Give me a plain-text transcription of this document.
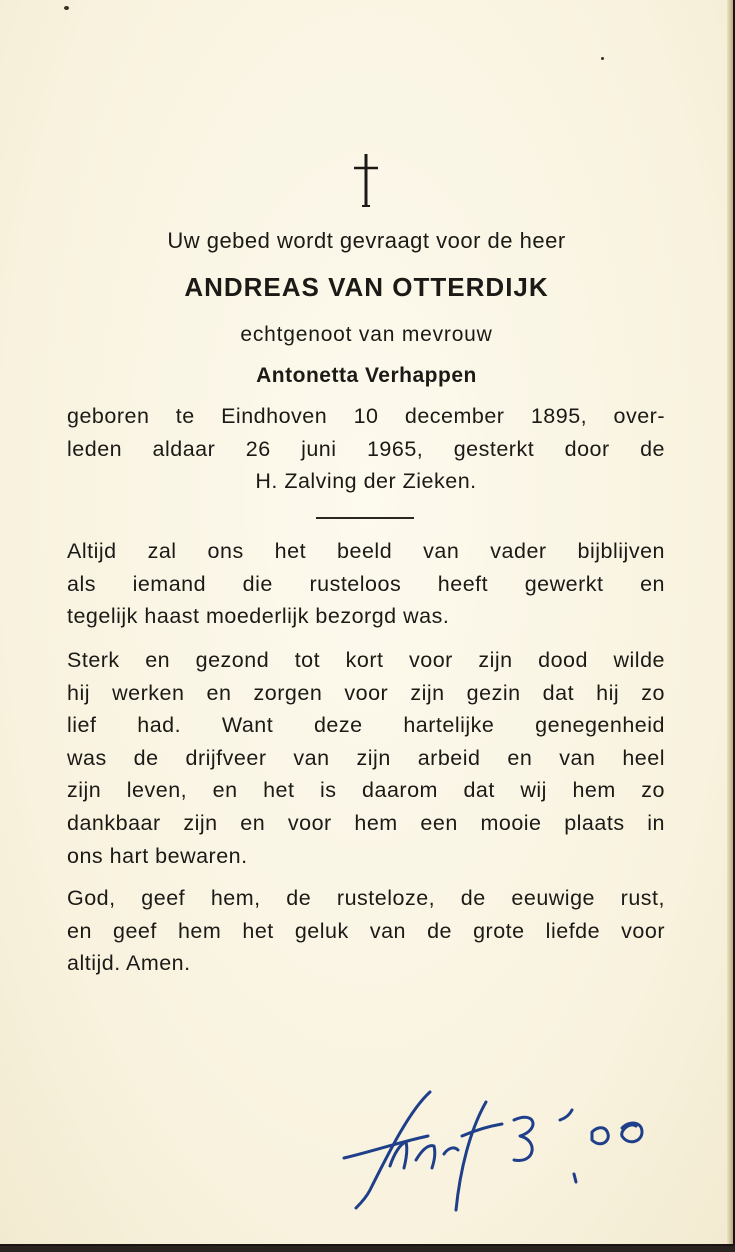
Uw gebed wordt gevraagt voor de heer
ANDREAS VAN OTTERDIJK
echtgenoot van mevrouw
Antonetta Verhappen
geboren te Eindhoven 10 december 1895, over-
leden aldaar 26 juni 1965, gesterkt door de
H. Zalving der Zieken.
Altijd zal ons het beeld van vader bijblijven
als iemand die rusteloos heeft gewerkt en
tegelijk haast moederlijk bezorgd was.
Sterk en gezond tot kort voor zijn dood wilde
hij werken en zorgen voor zijn gezin dat hij zo
lief had. Want deze hartelijke genegenheid
was de drijfveer van zijn arbeid en van heel
zijn leven, en het is daarom dat wij hem zo
dankbaar zijn en voor hem een mooie plaats in
ons hart bewaren.
God, geef hem, de rusteloze, de eeuwige rust,
en geef hem het geluk van de grote liefde voor
altijd. Amen.
